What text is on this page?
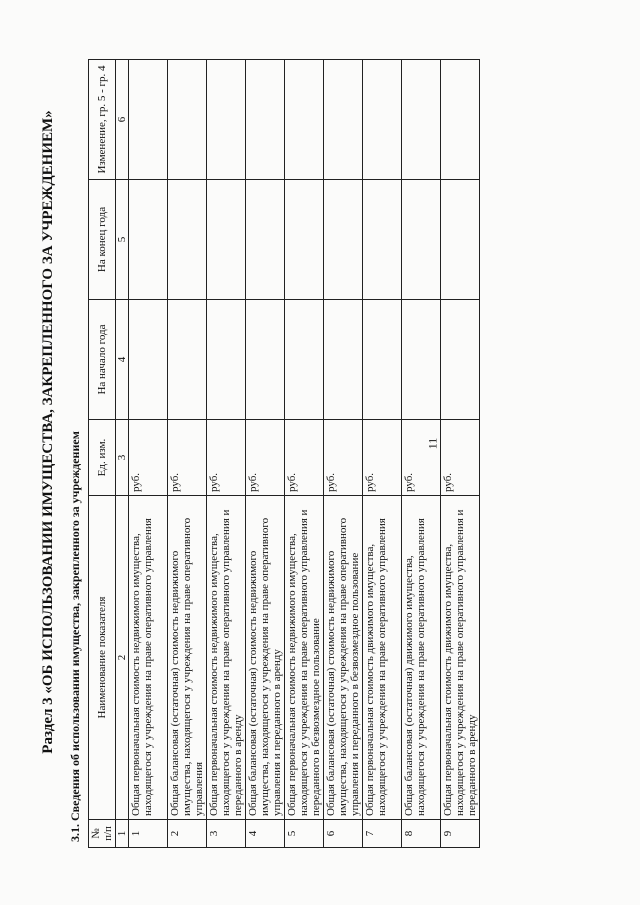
11
Раздел 3 «ОБ ИСПОЛЬЗОВАНИИ ИМУЩЕСТВА, ЗАКРЕПЛЕННОГО ЗА УЧРЕЖДЕНИЕМ» 3.1. Сведения об использовании имущества, закрепленного за учреждением № п/п	Наименование показателя	Ед. изм.	На начало года	На конец года	Изменение, гр. 5 - гр. 4
1	2	3	4	5	6
1	Общая первоначальная стоимость недвижимого имущества, находящегося у учреждения на праве оперативного управления	руб.			
2	Общая балансовая (остаточная) стоимость недвижимого имущества, находящегося у учреждения на праве оперативного управления	руб.			
3	Общая первоначальная стоимость недвижимого имущества, находящегося у учреждения на праве оперативного управления и переданного в аренду	руб.			
4	Общая балансовая (остаточная) стоимость недвижимого имущества, находящегося у учреждения на праве оперативного управления и переданного в аренду	руб.			
5	Общая первоначальная стоимость недвижимого имущества, находящегося у учреждения на праве оперативного управления и переданного в безвозмездное пользование	руб.			
6	Общая балансовая (остаточная) стоимость недвижимого имущества, находящегося у учреждения на праве оперативного управления и переданного в безвозмездное пользование	руб.			
7	Общая первоначальная стоимость движимого имущества, находящегося у учреждения на праве оперативного управления	руб.			
8	Общая балансовая (остаточная) движимого имущества, находящегося у учреждения на праве оперативного управления	руб.			
9	Общая первоначальная стоимость движимого имущества, находящегося у учреждения на праве оперативного управления и переданного в аренду	руб.			
